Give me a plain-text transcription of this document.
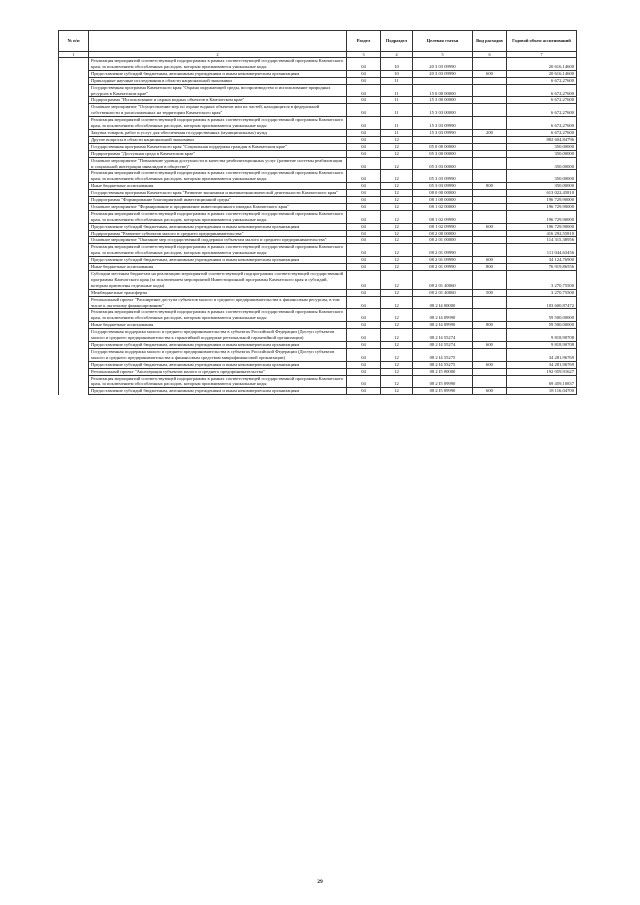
№ п/п		Раздел	Подраздел	Целевая статья	Вид расходов	Годовой объем ассигнований
1	2	3	4	5	6	7
	Реализация мероприятий соответствующей подпрограммы в рамках соответствующей государственной программы Камчатского края, за исключением обособленных расходов, которым присваиваются уникальные коды	04	10	20 3 03 09990		20 616,14600
	Предоставление субсидий бюджетным, автономным учреждениям и иным некоммерческим организациям	04	10	20 3 03 09990	600	20 616,14600
	Прикладные научные исследования в области национальной экономики	04	11			6 672,27600
	Государственная программа Камчатского края "Охрана окружающей среды, воспроизводство и использование природных ресурсов в Камчатском крае"	04	11	15 0 00 00000		6 672,27600
	Подпрограмма "Использование и охрана водных объектов в Камчатском крае"	04	11	15 3 00 00000		6 672,27600
	Основное мероприятие "Осуществление мер по охране водных объектов или их частей, находящихся в федеральной собственности и расположенных на территории Камчатского края"	04	11	15 3 03 00000		6 672,27600
	Реализация мероприятий соответствующей подпрограммы в рамках соответствующей государственной программы Камчатского края, за исключением обособленных расходов, которым присваиваются уникальные коды	04	11	15 3 03 09990		6 672,27600
	Закупка товаров, работ и услуг для обеспечения государственных (муниципальных) нужд	04	11	15 3 03 09990	200	6 672,27600
	Другие вопросы в области национальной экономики	04	12			882 604,84796
	Государственная программа Камчатского края "Социальная поддержка граждан в Камчатском крае"	04	12	05 0 00 00000		350,00000
	Подпрограмма "Доступная среда в Камчатском крае"	04	12	05 3 00 00000		350,00000
	Основное мероприятие "Повышение уровня доступности и качества реабилитационных услуг (развитие системы реабилитации и социальной интеграции инвалидов в обществе)"	04	12	05 3 03 00000		350,00000
	Реализация мероприятий соответствующей подпрограммы в рамках соответствующей государственной программы Камчатского края, за исключением обособленных расходов, которым присваиваются уникальные коды	04	12	05 3 03 09990		350,00000
	Иные бюджетные ассигнования	04	12	05 3 03 09990	800	350,00000
	Государственная программа Камчатского края "Развитие экономики и внешнеэкономической деятельности Камчатского края"	04	12	08 0 00 00000		613 022,45810
	Подпрограмма "Формирование благоприятной инвестиционной среды"	04	12	08 1 00 00000		196 729,90000
	Основное мероприятие "Формирование и продвижение инвестиционного имиджа Камчатского края"	04	12	08 1 02 00000		196 729,90000
	Реализация мероприятий соответствующей подпрограммы в рамках соответствующей государственной программы Камчатского края, за исключением обособленных расходов, которым присваиваются уникальные коды	04	12	08 1 02 09990		196 729,90000
	Предоставление субсидий бюджетным, автономным учреждениям и иным некоммерческим организациям	04	12	08 1 02 09990	600	196 729,90000
	Подпрограмма "Развитие субъектов малого и среднего предпринимательства"	04	12	08 2 00 00000		416 292,55810
	Основное мероприятие "Оказание мер государственной поддержки субъектам малого и среднего предпринимательства"	04	12	08 2 01 00000		114 315,38956
	Реализация мероприятий соответствующей подпрограммы в рамках соответствующей государственной программы Камчатского края, за исключением обособленных расходов, которым присваиваются уникальные коды	04	12	08 2 01 09990		111 044,63456
	Предоставление субсидий бюджетным, автономным учреждениям и иным некоммерческим организациям	04	12	08 2 01 09990	600	34 124,76900
	Иные бюджетные ассигнования	04	12	08 2 01 09990	800	76 919,86556
	Субсидии местным бюджетам на реализацию мероприятий соответствующей подпрограммы соответствующей государственной программы Камчатского края (за исключением мероприятий Инвестиционной программы Камчатского края и субсидий, которым присвоены отдельные коды)	04	12	08 2 01 40060		3 270,75500
	Межбюджетные трансферты	04	12	08 2 01 40060	500	3 270,75500
	Региональный проект "Расширение доступа субъектов малого и среднего предпринимательства к финансовым ресурсам, в том числе к льготному финансированию"	04	12	08 2 I4 00000		103 600,87472
	Реализация мероприятий соответствующей подпрограммы в рамках соответствующей государственной программы Камчатского края, за исключением обособленных расходов, которым присваиваются уникальные коды	04	12	08 2 I4 09990		59 500,00000
	Иные бюджетные ассигнования	04	12	08 2 I4 09990	800	59 500,00000
	Государственная поддержка малого и среднего предпринимательства в субъектах Российской Федерации (Доступ субъектов малого и среднего предпринимательства к гарантийной поддержке региональной гарантийной организации)	04	12	08 2 I4 55274		9 818,90708
	Предоставление субсидий бюджетным, автономным учреждениям и иным некоммерческим организациям	04	12	08 2 I4 55274	600	9 818,90708
	Государственная поддержка малого и среднего предпринимательства в субъектах Российской Федерации (Доступ субъектов малого и среднего предпринимательства к финансовым средствам микрофинансовой организации)	04	12	08 2 I4 55275		34 281,96769
	Предоставление субсидий бюджетным, автономным учреждениям и иным некоммерческим организациям	04	12	08 2 I4 55275	600	34 281,96769
	Региональный проект "Акселерация субъектов малого и среднего предпринимательства"	04	12	08 2 I5 00000		192 059,91627
	Реализация мероприятий соответствующей подпрограммы в рамках соответствующей государственной программы Камчатского края, за исключением обособленных расходов, которым присваиваются уникальные коды	04	12	08 2 I5 09990		69 459,10837
	Предоставление субсидий бюджетным, автономным учреждениям и иным некоммерческим организациям	04	12	08 2 I5 09990	600	18 116,04700
29
